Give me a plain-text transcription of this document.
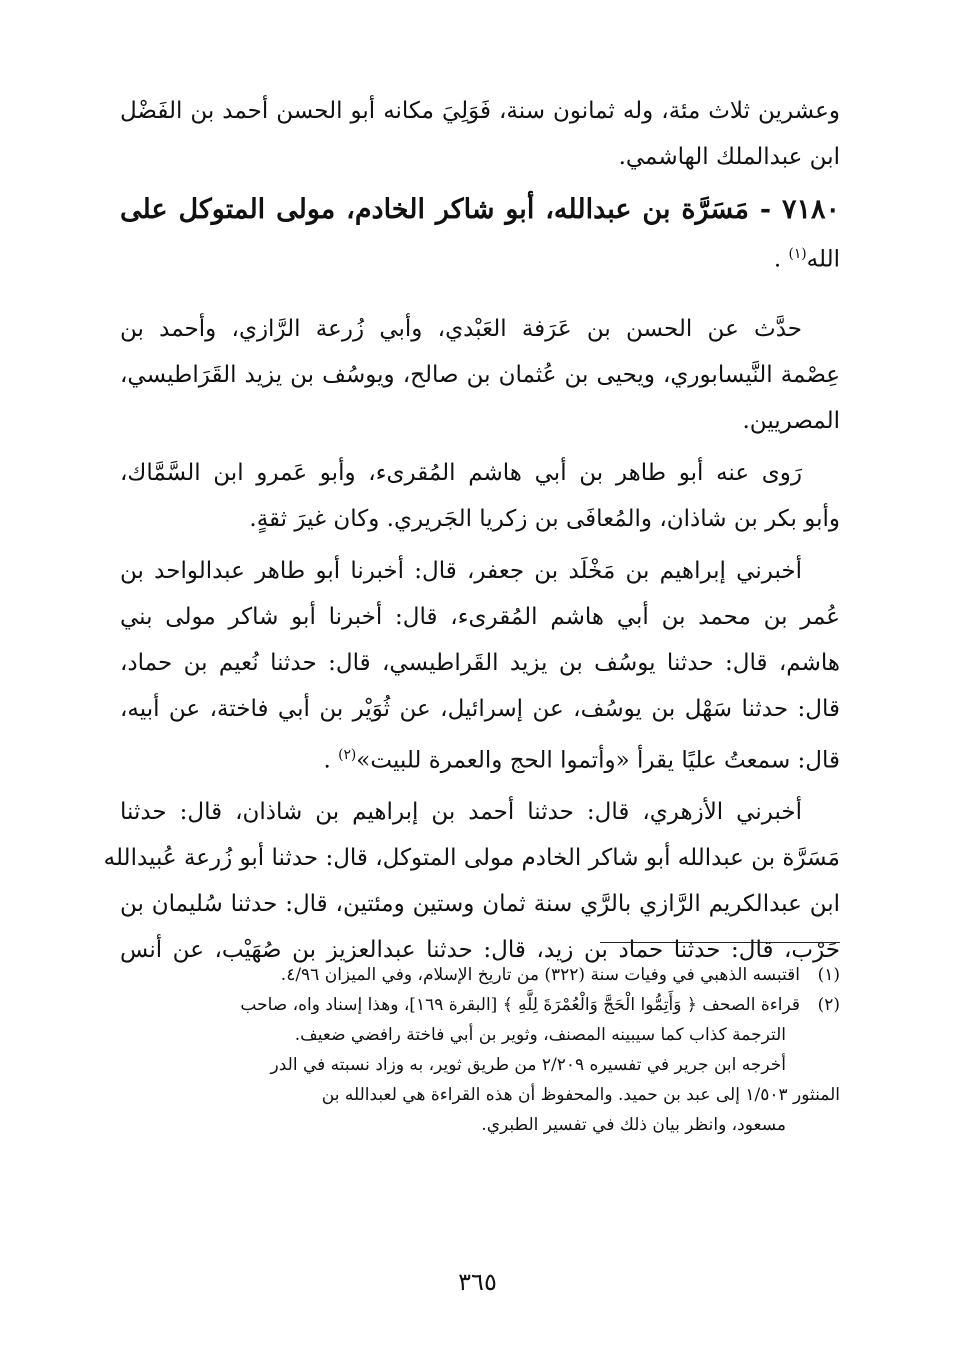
وعشرين ثلاث مئة، وله ثمانون سنة، فَوَلِيَ مكانه أبو الحسن أحمد بن الفَضْل

ابن عبدالملك الهاشمي.

٧١٨٠ - مَسَرَّة بن عبدالله، أبو شاكر الخادم، مولى المتوكل على

الله$^{(١)}$ .

حدَّث عن الحسن بن عَرَفة العَبْدي، وأبي زُرعة الرَّازي، وأحمد بن

عِصْمة النَّيسابوري، ويحيى بن عُثمان بن صالح، ويوسُف بن يزيد القَرَاطيسي،

المصريين.

رَوى عنه أبو طاهر بن أبي هاشم المُقرىء، وأبو عَمرو ابن السَّمَّاك،

وأبو بكر بن شاذان، والمُعافَى بن زكريا الجَريري. وكان غيرَ ثقةٍ.

أخبرني إبراهيم بن مَخْلَد بن جعفر، قال: أخبرنا أبو طاهر عبدالواحد بن

عُمر بن محمد بن أبي هاشم المُقرىء، قال: أخبرنا أبو شاكر مولى بني

هاشم، قال: حدثنا يوسُف بن يزيد القَراطيسي، قال: حدثنا نُعيم بن حماد،

قال: حدثنا سَهْل بن يوسُف، عن إسرائيل، عن ثُوَيْر بن أبي فاختة، عن أبيه،

قال: سمعتُ عليًا يقرأ «وأتموا الحج والعمرة للبيت»$^{(٢)}$ .

أخبرني الأزهري، قال: حدثنا أحمد بن إبراهيم بن شاذان، قال: حدثنا

مَسَرَّة بن عبدالله أبو شاكر الخادم مولى المتوكل، قال: حدثنا أبو زُرعة عُبيدالله

ابن عبدالكريم الرَّازي بالرَّي سنة ثمان وستين ومئتين، قال: حدثنا سُليمان بن

حَرْب، قال: حدثنا حماد بن زيد، قال: حدثنا عبدالعزيز بن صُهَيْب، عن أنس

(١)اقتبسه الذهبي في وفيات سنة (٣٢٢) من تاريخ الإسلام، وفي الميزان ٤/٩٦.

(٢)قراءة الصحف ﴿ وَأَتِمُّوا الْحَجَّ وَالْعُمْرَةَ لِلَّهِ ﴾ [البقرة ١٦٩]، وهذا إسناد واه، صاحب

الترجمة كذاب كما سيبينه المصنف، وثوير بن أبي فاختة رافضي ضعيف.

أخرجه ابن جرير في تفسيره ٢/٢٠٩ من طريق ثوير، به وزاد نسبته في الدر

المنثور ١/٥٠٣ إلى عبد بن حميد. والمحفوظ أن هذه القراءة هي لعبدالله بن

مسعود، وانظر بيان ذلك في تفسير الطبري.

٣٦٥
